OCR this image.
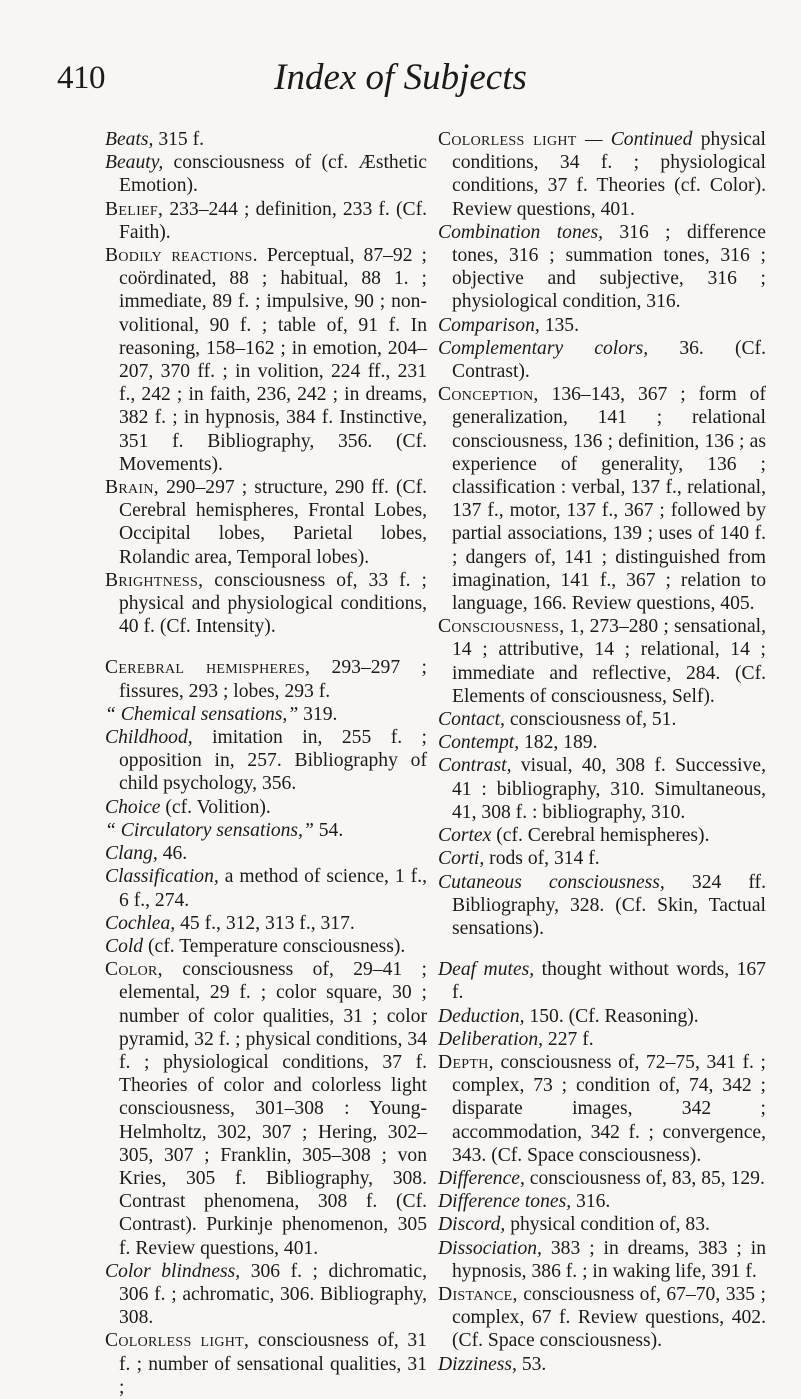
410	Index of Subjects
Beats, 315 f.
Beauty, consciousness of (cf. Æsthetic Emotion).
Belief, 233–244 ; definition, 233 f. (Cf. Faith).
Bodily reactions. Perceptual, 87–92 ; coördinated, 88 ; habitual, 88 1. ; immediate, 89 f. ; impulsive, 90 ; non-volitional, 90 f. ; table of, 91 f. In reasoning, 158–162 ; in emotion, 204–207, 370 ff. ; in volition, 224 ff., 231 f., 242 ; in faith, 236, 242 ; in dreams, 382 f. ; in hypnosis, 384 f. Instinctive, 351 f. Bibliography, 356. (Cf. Movements).
Brain, 290–297 ; structure, 290 ff. (Cf. Cerebral hemispheres, Frontal Lobes, Occipital lobes, Parietal lobes, Rolandic area, Temporal lobes).
Brightness, consciousness of, 33 f. ; physical and physiological conditions, 40 f. (Cf. Intensity).
Cerebral hemispheres, 293–297 ; fissures, 293 ; lobes, 293 f.
“ Chemical sensations,” 319.
Childhood, imitation in, 255 f. ; opposition in, 257. Bibliography of child psychology, 356.
Choice (cf. Volition).
“ Circulatory sensations,” 54.
Clang, 46.
Classification, a method of science, 1 f., 6 f., 274.
Cochlea, 45 f., 312, 313 f., 317.
Cold (cf. Temperature consciousness).
Color, consciousness of, 29–41 ; elemental, 29 f. ; color square, 30 ; number of color qualities, 31 ; color pyramid, 32 f. ; physical conditions, 34 f. ; physiological conditions, 37 f. Theories of color and colorless light consciousness, 301–308 : Young-Helmholtz, 302, 307 ; Hering, 302–305, 307 ; Franklin, 305–308 ; von Kries, 305 f. Bibliography, 308. Contrast phenomena, 308 f. (Cf. Contrast). Purkinje phenomenon, 305 f. Review questions, 401.
Color blindness, 306 f. ; dichromatic, 306 f. ; achromatic, 306. Bibliography, 308.
Colorless light, consciousness of, 31 f. ; number of sensational qualities, 31 ;
Colorless light — Continued physical conditions, 34 f. ; physiological conditions, 37 f. Theories (cf. Color). Review questions, 401.
Combination tones, 316 ; difference tones, 316 ; summation tones, 316 ; objective and subjective, 316 ; physiological condition, 316.
Comparison, 135.
Complementary colors, 36. (Cf. Contrast).
Conception, 136–143, 367 ; form of generalization, 141 ; relational consciousness, 136 ; definition, 136 ; as experience of generality, 136 ; classification : verbal, 137 f., relational, 137 f., motor, 137 f., 367 ; followed by partial associations, 139 ; uses of 140 f. ; dangers of, 141 ; distinguished from imagination, 141 f., 367 ; relation to language, 166. Review questions, 405.
Consciousness, 1, 273–280 ; sensational, 14 ; attributive, 14 ; relational, 14 ; immediate and reflective, 284. (Cf. Elements of consciousness, Self).
Contact, consciousness of, 51.
Contempt, 182, 189.
Contrast, visual, 40, 308 f. Successive, 41 : bibliography, 310. Simultaneous, 41, 308 f. : bibliography, 310.
Cortex (cf. Cerebral hemispheres).
Corti, rods of, 314 f.
Cutaneous consciousness, 324 ff. Bibliography, 328. (Cf. Skin, Tactual sensations).
Deaf mutes, thought without words, 167 f.
Deduction, 150. (Cf. Reasoning).
Deliberation, 227 f.
Depth, consciousness of, 72–75, 341 f. ; complex, 73 ; condition of, 74, 342 ; disparate images, 342 ; accommodation, 342 f. ; convergence, 343. (Cf. Space consciousness).
Difference, consciousness of, 83, 85, 129.
Difference tones, 316.
Discord, physical condition of, 83.
Dissociation, 383 ; in dreams, 383 ; in hypnosis, 386 f. ; in waking life, 391 f.
Distance, consciousness of, 67–70, 335 ; complex, 67 f. Review questions, 402. (Cf. Space consciousness).
Dizziness, 53.
